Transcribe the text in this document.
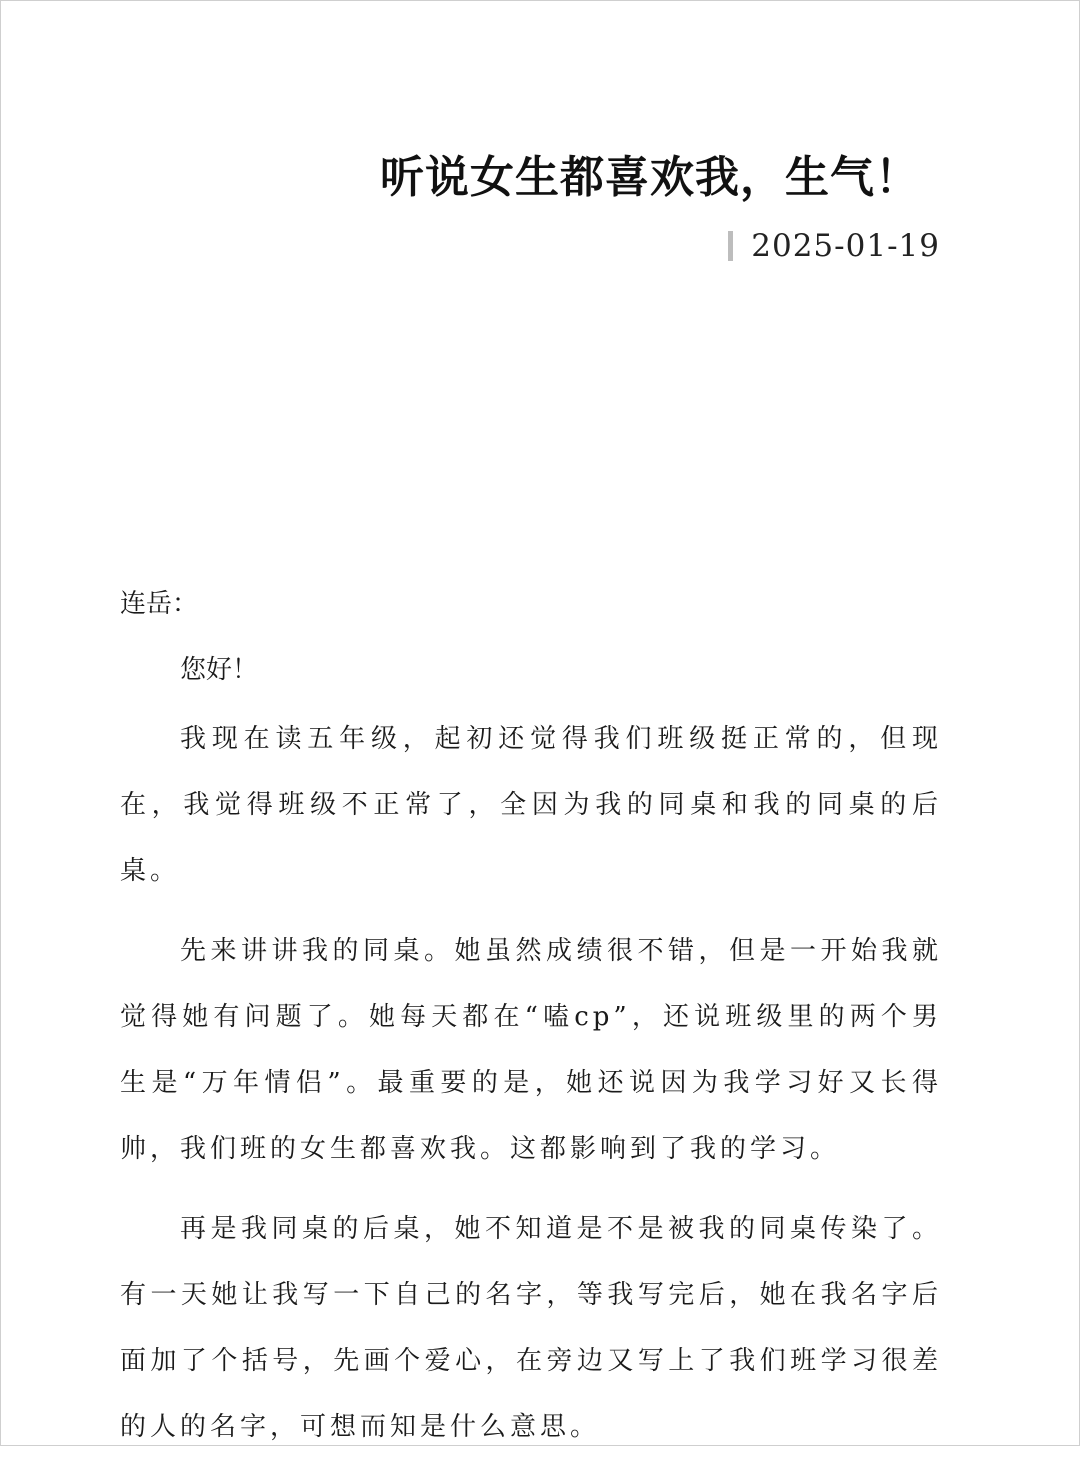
听说女生都喜欢我，生气！
2025-01-19

连岳：

您好！

我现在读五年级，起初还觉得我们班级挺正常的，但现在，我觉得班级不正常了，全因为我的同桌和我的同桌的后桌。

先来讲讲我的同桌。她虽然成绩很不错，但是一开始我就觉得她有问题了。她每天都在“嗑cp”，还说班级里的两个男生是“万年情侣”。最重要的是，她还说因为我学习好又长得帅，我们班的女生都喜欢我。这都影响到了我的学习。

再是我同桌的后桌，她不知道是不是被我的同桌传染了。有一天她让我写一下自己的名字，等我写完后，她在我名字后面加了个括号，先画个爱心，在旁边又写上了我们班学习很差的人的名字，可想而知是什么意思。
